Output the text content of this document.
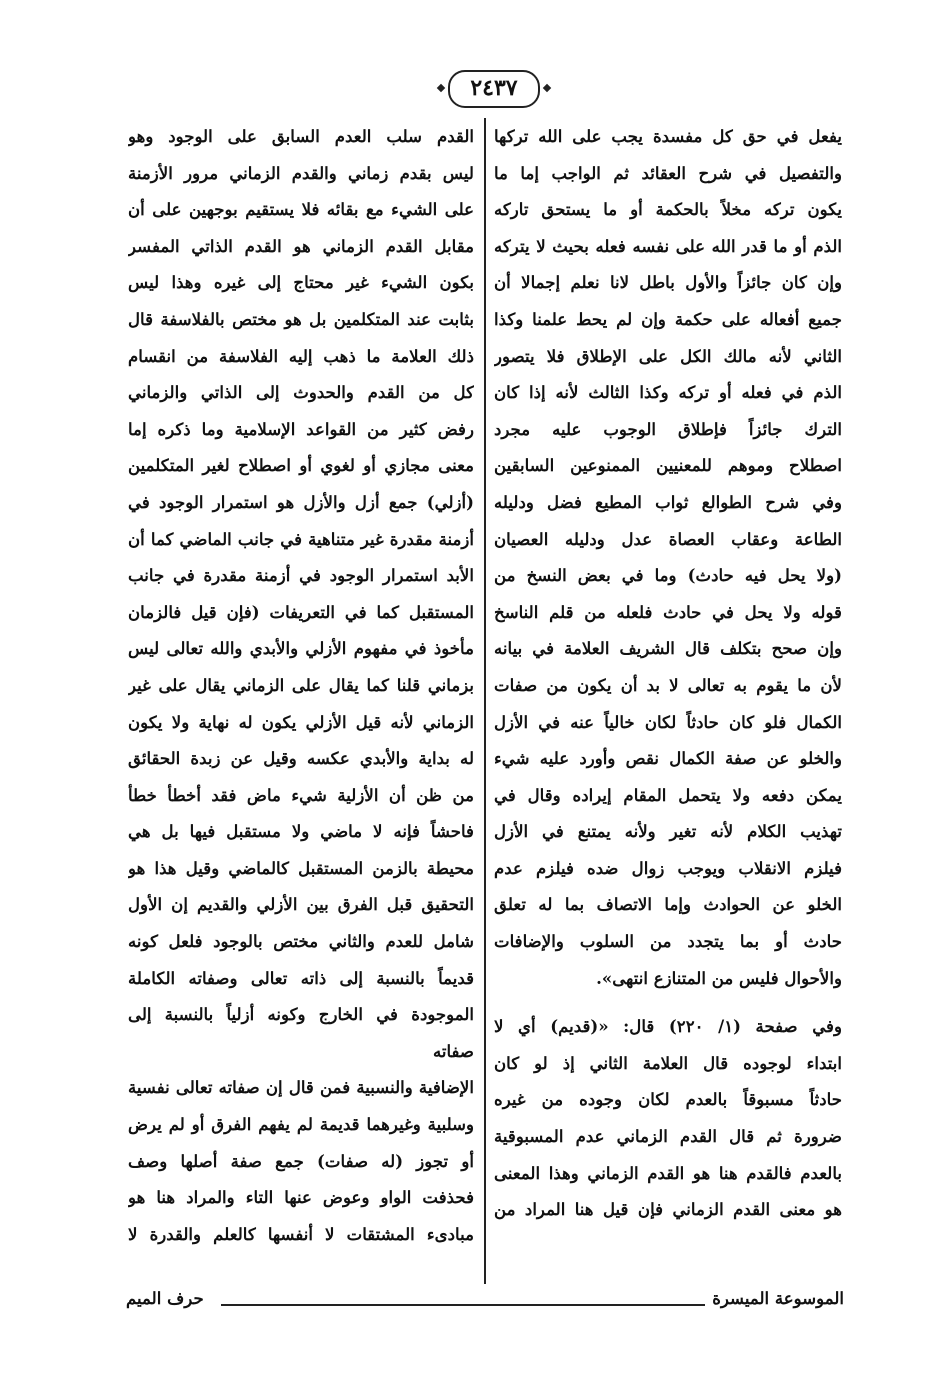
٢٤٣٧

يفعل في حق كل مفسدة يجب على الله تركها
والتفصيل في شرح العقائد ثم الواجب إما ما
يكون تركه مخلاً بالحكمة أو ما يستحق تاركه
الذم أو ما قدر الله على نفسه فعله بحيث لا يتركه
وإن كان جائزاً والأول باطل لانا نعلم إجمالا أن
جميع أفعاله على حكمة وإن لم يحط علمنا وكذا
الثاني لأنه مالك الكل على الإطلاق فلا يتصور
الذم في فعله أو تركه وكذا الثالث لأنه إذا كان
الترك جائزاً فإطلاق الوجوب عليه مجرد
اصطلاح وموهم للمعنيين الممنوعين السابقين
وفي شرح الطوالع ثواب المطيع فضل ودليله
الطاعة وعقاب العصاة عدل ودليله العصيان
(ولا يحل فيه حادث) وما في بعض النسخ من
قوله ولا يحل في حادث فلعله من قلم الناسخ
وإن صحح بتكلف قال الشريف العلامة في بيانه
لأن ما يقوم به تعالى لا بد أن يكون من صفات
الكمال فلو كان حادثاً لكان خالياً عنه في الأزل
والخلو عن صفة الكمال نقص وأورد عليه شيء
يمكن دفعه ولا يتحمل المقام إيراده وقال في
تهذيب الكلام لأنه تغير ولأنه يمتنع في الأزل
فيلزم الانقلاب ويوجب زوال ضده فيلزم عدم
الخلو عن الحوادث وإما الاتصاف بما له تعلق
حادث أو بما يتجدد من السلوب والإضافات

والأحوال فليس من المتنازع انتهى».

وفي صفحة (١/ ٢٢٠) قال: «(قديم) أي لا
ابتداء لوجوده قال العلامة الثاني إذ لو كان
حادثاً مسبوقاً بالعدم لكان وجوده من غيره
ضرورة ثم قال القدم الزماني عدم المسبوقية
بالعدم فالقدم هنا هو القدم الزماني وهذا المعنى
هو معنى القدم الزماني فإن قيل هنا المراد من

القدم سلب العدم السابق على الوجود وهو
ليس بقدم زماني والقدم الزماني مرور الأزمنة
على الشيء مع بقائه فلا يستقيم بوجهين على أن
مقابل القدم الزماني هو القدم الذاتي المفسر
بكون الشيء غير محتاج إلى غيره وهذا ليس
بثابت عند المتكلمين بل هو مختص بالفلاسفة قال
ذلك العلامة ما ذهب إليه الفلاسفة من انقسام
كل من القدم والحدوث إلى الذاتي والزماني
رفض كثير من القواعد الإسلامية وما ذكره إما
معنى مجازي أو لغوي أو اصطلاح لغير المتكلمين
(أزلي) جمع أزل والأزل هو استمرار الوجود في
أزمنة مقدرة غير متناهية في جانب الماضي كما أن
الأبد استمرار الوجود في أزمنة مقدرة في جانب
المستقبل كما في التعريفات (فإن قيل فالزمان
مأخوذ في مفهوم الأزلي والأبدي والله تعالى ليس
بزماني قلنا كما يقال على الزماني يقال على غير
الزماني لأنه قيل الأزلي يكون له نهاية ولا يكون
له بداية والأبدي عكسه وقيل عن زبدة الحقائق
من ظن أن الأزلية شيء ماض فقد أخطأ خطأ
فاحشاً فإنه لا ماضي ولا مستقبل فيها بل هي
محيطة بالزمن المستقبل كالماضي وقيل هذا هو
التحقيق قبل الفرق بين الأزلي والقديم إن الأول
شامل للعدم والثاني مختص بالوجود فلعل كونه
قديماً بالنسبة إلى ذاته تعالى وصفاته الكاملة
الموجودة في الخارج وكونه أزلياً بالنسبة إلى صفاته
الإضافية والنسبية فمن قال إن صفاته تعالى نفسية
وسلبية وغيرهما قديمة لم يفهم الفرق أو لم يرض
أو تجوز (له صفات) جمع صفة أصلها وصف
فحذفت الواو وعوض عنها التاء والمراد هنا هو
مبادىء المشتقات لا أنفسها كالعلم والقدرة لا

الموسوعة الميسرة
حرف الميم
